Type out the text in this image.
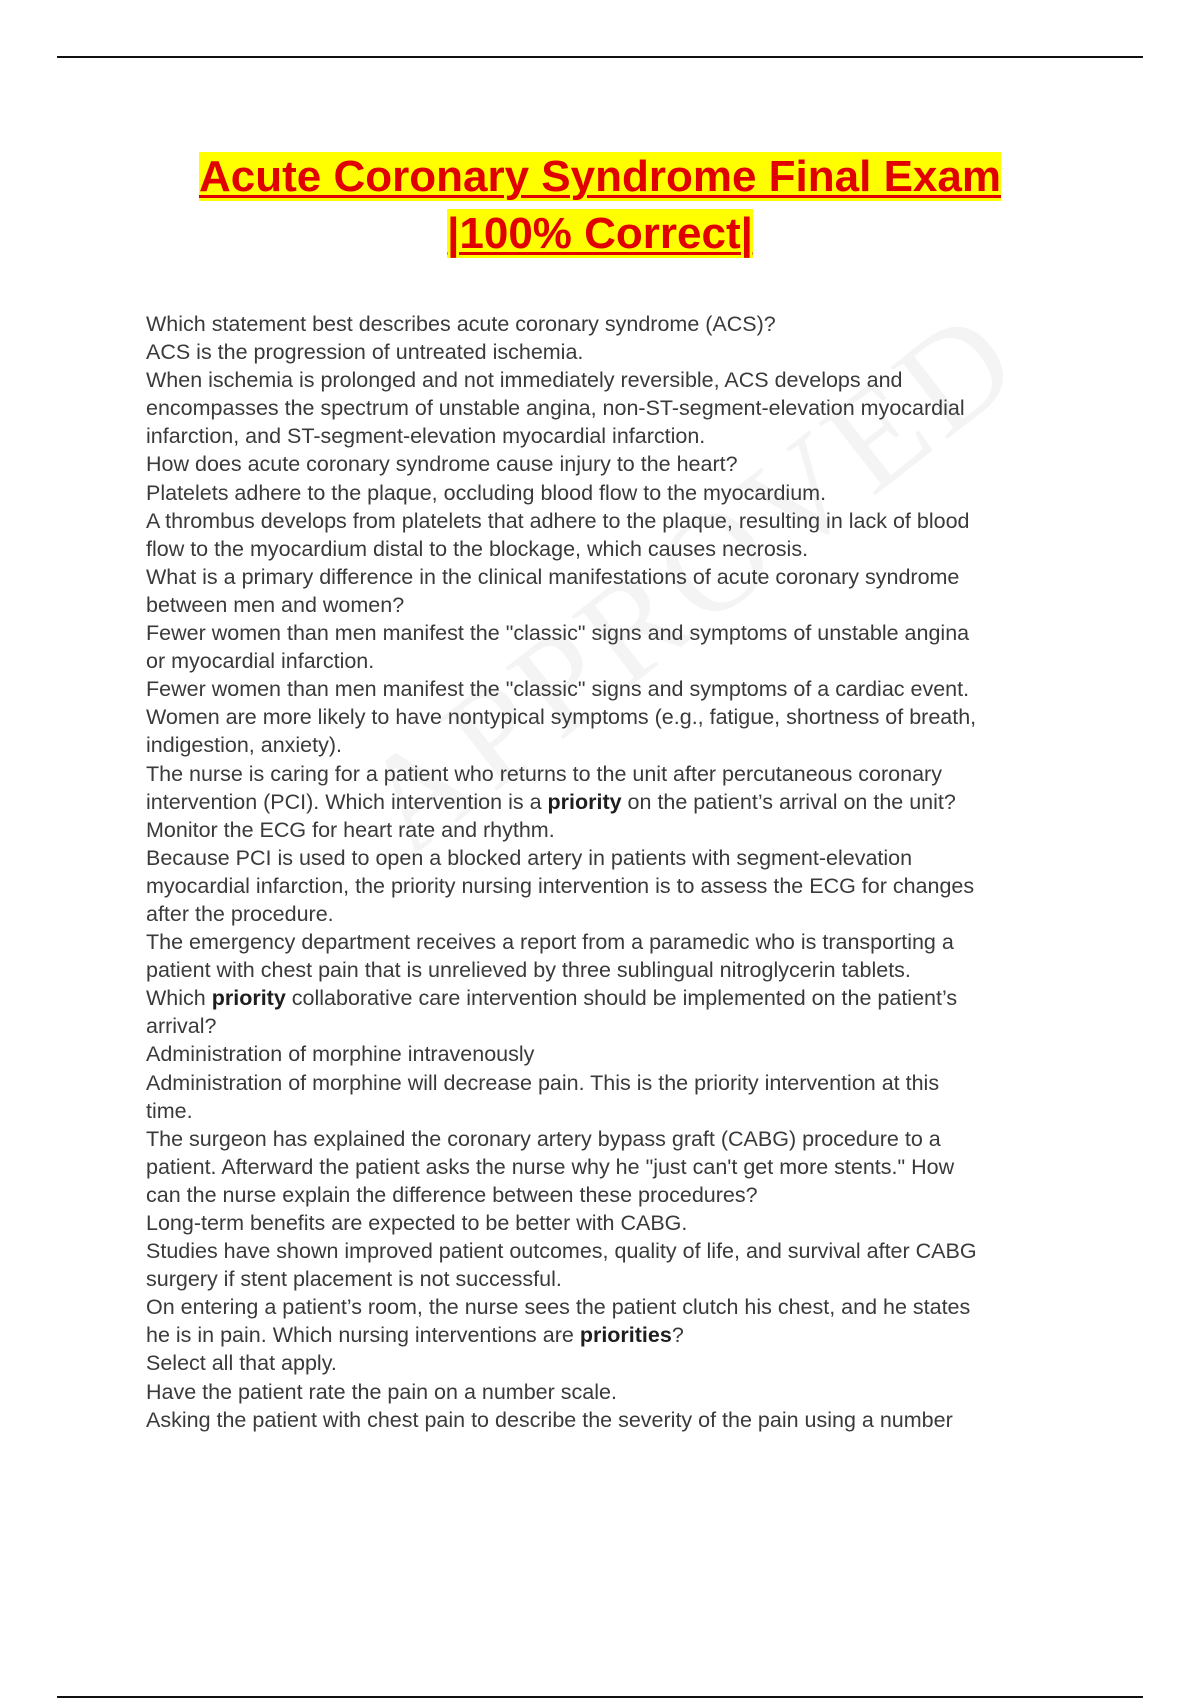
Acute Coronary Syndrome Final Exam
|100% Correct|
Which statement best describes acute coronary syndrome (ACS)?
ACS is the progression of untreated ischemia.
When ischemia is prolonged and not immediately reversible, ACS develops and
encompasses the spectrum of unstable angina, non-ST-segment-elevation myocardial
infarction, and ST-segment-elevation myocardial infarction.
How does acute coronary syndrome cause injury to the heart?
Platelets adhere to the plaque, occluding blood flow to the myocardium.
A thrombus develops from platelets that adhere to the plaque, resulting in lack of blood
flow to the myocardium distal to the blockage, which causes necrosis.
What is a primary difference in the clinical manifestations of acute coronary syndrome
between men and women?
Fewer women than men manifest the "classic" signs and symptoms of unstable angina
or myocardial infarction.
Fewer women than men manifest the "classic" signs and symptoms of a cardiac event.
Women are more likely to have nontypical symptoms (e.g., fatigue, shortness of breath,
indigestion, anxiety).
The nurse is caring for a patient who returns to the unit after percutaneous coronary
intervention (PCI). Which intervention is a priority on the patient’s arrival on the unit?
Monitor the ECG for heart rate and rhythm.
Because PCI is used to open a blocked artery in patients with segment-elevation
myocardial infarction, the priority nursing intervention is to assess the ECG for changes
after the procedure.
The emergency department receives a report from a paramedic who is transporting a
patient with chest pain that is unrelieved by three sublingual nitroglycerin tablets.
Which priority collaborative care intervention should be implemented on the patient’s
arrival?
Administration of morphine intravenously
Administration of morphine will decrease pain. This is the priority intervention at this
time.
The surgeon has explained the coronary artery bypass graft (CABG) procedure to a
patient. Afterward the patient asks the nurse why he "just can't get more stents." How
can the nurse explain the difference between these procedures?
Long-term benefits are expected to be better with CABG.
Studies have shown improved patient outcomes, quality of life, and survival after CABG
surgery if stent placement is not successful.
On entering a patient’s room, the nurse sees the patient clutch his chest, and he states
he is in pain. Which nursing interventions are priorities?
Select all that apply.
Have the patient rate the pain on a number scale.
Asking the patient with chest pain to describe the severity of the pain using a number
